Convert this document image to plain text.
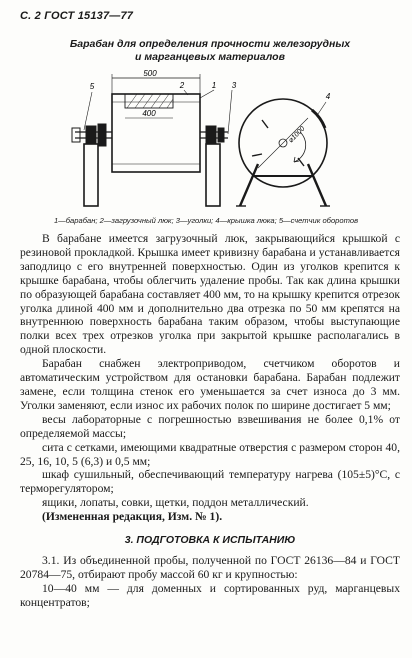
С. 2 ГОСТ 15137—77
Барабан для определения прочности железорудных
и марганцевых материалов
500
400
1
2	3
4
5
⌀1000
1—барабан; 2—загрузочный люк; 3—уголки; 4—крышка люка; 5—счетчик оборотов

В барабане имеется загрузочный люк, закрывающийся крышкой с резиновой прокладкой. Крышка имеет кривизну барабана и устанавливается заподлицо с его внутренней поверхностью. Один из уголков крепится к крышке барабана, чтобы облегчить удаление пробы. Так как длина крышки по образующей барабана составляет 400 мм, то на крышку крепится отрезок уголка длиной 400 мм и дополнительно два отрезка по 50 мм крепятся на внутреннюю поверхность барабана таким образом, чтобы выступающие полки всех трех отрезков уголка при закрытой крышке располагались в одной плоскости.

Барабан снабжен электроприводом, счетчиком оборотов и автоматическим устройством для остановки барабана. Барабан подлежит замене, если толщина стенок его уменьшается за счет износа до 3 мм. Уголки заменяют, если износ их рабочих полок по ширине достигает 5 мм;

весы лабораторные с погрешностью взвешивания не более 0,1% от определяемой массы;

сита с сетками, имеющими квадратные отверстия с размером сторон 40, 25, 16, 10, 5 (6,3) и 0,5 мм;

шкаф сушильный, обеспечивающий температуру нагрева (105±5)°С, с терморегулятором;

ящики, лопаты, совки, щетки, поддон металлический.

(Измененная редакция, Изм. № 1).

3. ПОДГОТОВКА К ИСПЫТАНИЮ

3.1. Из объединенной пробы, полученной по ГОСТ 26136—84 и ГОСТ 20784—75, отбирают пробу массой 60 кг и крупностью:

10—40 мм — для доменных и сортированных руд, марганцевых концентратов;
